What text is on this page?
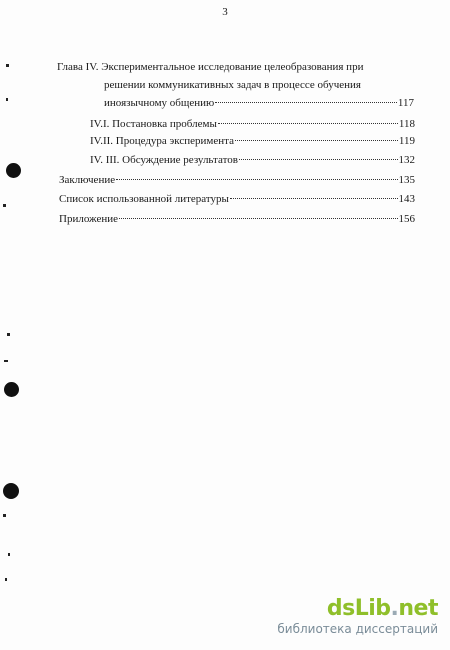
3
Глава IV. Экспериментальное исследование целеобразования при
решении коммуникативных задач в процессе обучения
иноязычному общению	117
IV.I. Постановка проблемы	118
IV.II. Процедура эксперимента	119
IV. III. Обсуждение результатов	132
Заключение	135
Список использованной литературы	143
Приложение	156
dsLib.net
библиотека диссертаций
